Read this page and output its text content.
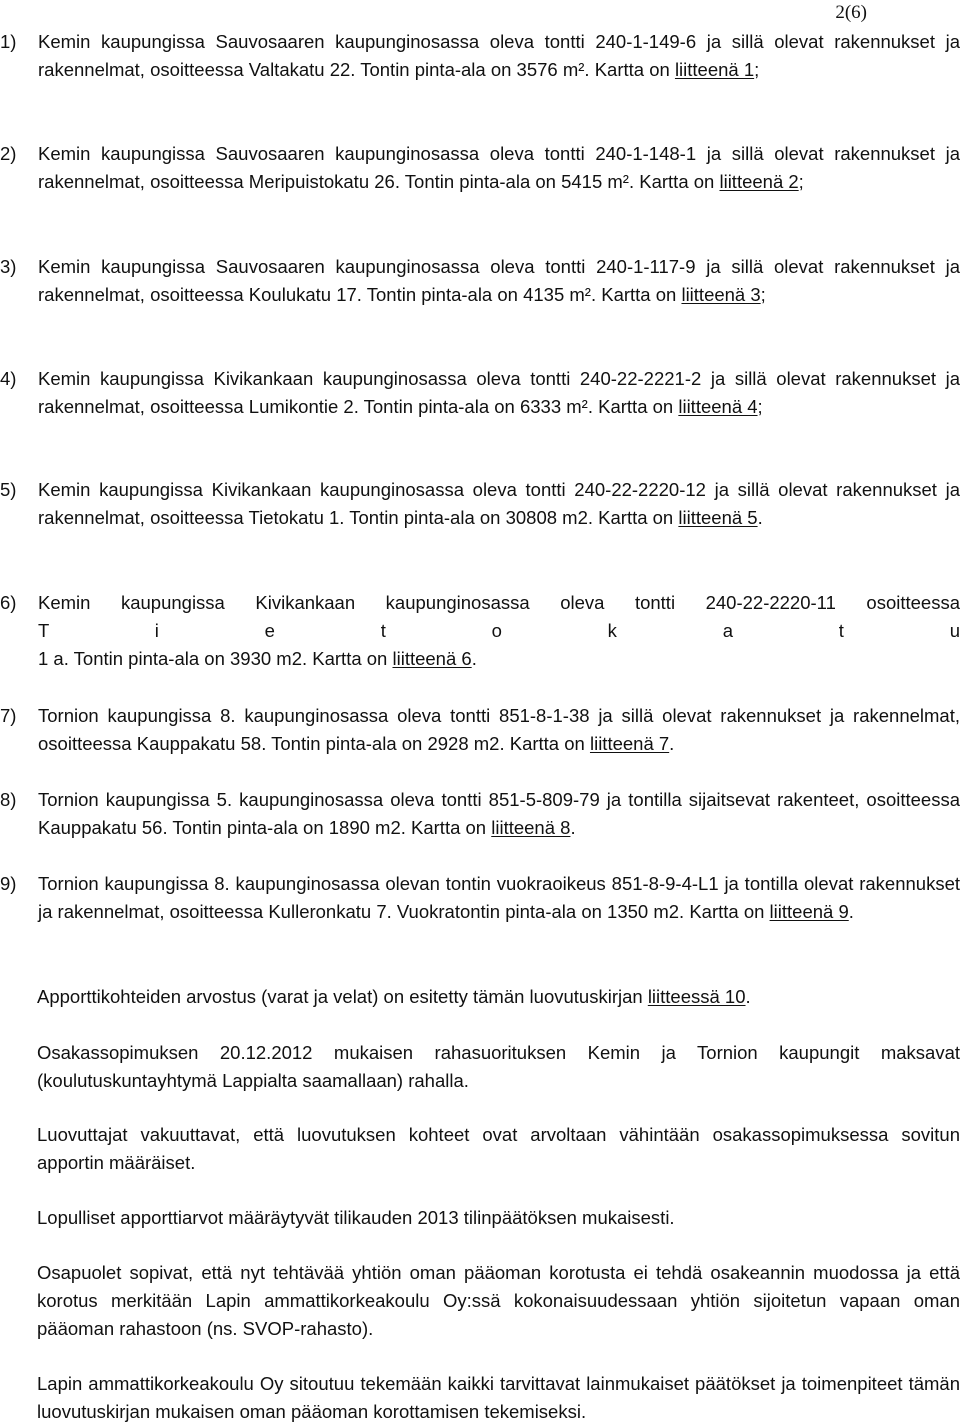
2(6)
1) Kemin kaupungissa Sauvosaaren kaupunginosassa oleva tontti 240-1-149-6 ja sillä olevat rakennukset ja rakennelmat, osoitteessa Valtakatu 22. Tontin pinta-ala on 3576 m². Kartta on liitteenä 1;
2) Kemin kaupungissa Sauvosaaren kaupunginosassa oleva tontti 240-1-148-1 ja sillä olevat rakennukset ja rakennelmat, osoitteessa Meripuistokatu 26. Tontin pinta-ala on 5415 m². Kartta on liitteenä 2;
3) Kemin kaupungissa Sauvosaaren kaupunginosassa oleva tontti 240-1-117-9 ja sillä olevat rakennukset ja rakennelmat, osoitteessa Koulukatu 17. Tontin pinta-ala on 4135 m². Kartta on liitteenä 3;
4) Kemin kaupungissa Kivikankaan kaupunginosassa oleva tontti 240-22-2221-2 ja sillä olevat rakennukset ja rakennelmat, osoitteessa Lumikontie 2. Tontin pinta-ala on 6333 m². Kartta on liitteenä 4;
5) Kemin kaupungissa Kivikankaan kaupunginosassa oleva tontti 240-22-2220-12 ja sillä olevat rakennukset ja rakennelmat, osoitteessa Tietokatu 1. Tontin pinta-ala on 30808 m2. Kartta on liitteenä 5.
6) Kemin kaupungissa Kivikankaan kaupunginosassa oleva tontti 240-22-2220-11 osoitteessa
T i e t o k a t u
1 a. Tontin pinta-ala on 3930 m2. Kartta on liitteenä 6.
7) Tornion kaupungissa 8. kaupunginosassa oleva tontti 851-8-1-38 ja sillä olevat rakennukset ja rakennelmat, osoitteessa Kauppakatu 58. Tontin pinta-ala on 2928 m2. Kartta on liitteenä 7.
8) Tornion kaupungissa 5. kaupunginosassa oleva tontti 851-5-809-79 ja tontilla sijaitsevat rakenteet, osoitteessa Kauppakatu 56. Tontin pinta-ala on 1890 m2. Kartta on liitteenä 8.
9) Tornion kaupungissa 8. kaupunginosassa olevan tontin vuokraoikeus 851-8-9-4-L1 ja tontilla olevat rakennukset ja rakennelmat, osoitteessa Kulleronkatu 7. Vuokratontin pinta-ala on 1350 m2. Kartta on liitteenä 9.
Apporttikohteiden arvostus (varat ja velat) on esitetty tämän luovutuskirjan liitteessä 10.
Osakassopimuksen 20.12.2012 mukaisen rahasuorituksen Kemin ja Tornion kaupungit maksavat (koulutuskuntayhtymä Lappialta saamallaan) rahalla.
Luovuttajat vakuuttavat, että luovutuksen kohteet ovat arvoltaan vähintään osakassopimuksessa sovitun apportin määräiset.
Lopulliset apporttiarvot määräytyvät tilikauden 2013 tilinpäätöksen mukaisesti.
Osapuolet sopivat, että nyt tehtävää yhtiön oman pääoman korotusta ei tehdä osakeannin muodossa ja että korotus merkitään Lapin ammattikorkeakoulu Oy:ssä kokonaisuudessaan yhtiön sijoitetun vapaan oman pääoman rahastoon (ns. SVOP-rahasto).
Lapin ammattikorkeakoulu Oy sitoutuu tekemään kaikki tarvittavat lainmukaiset päätökset ja toimenpiteet tämän luovutuskirjan mukaisen oman pääoman korottamisen tekemiseksi.
